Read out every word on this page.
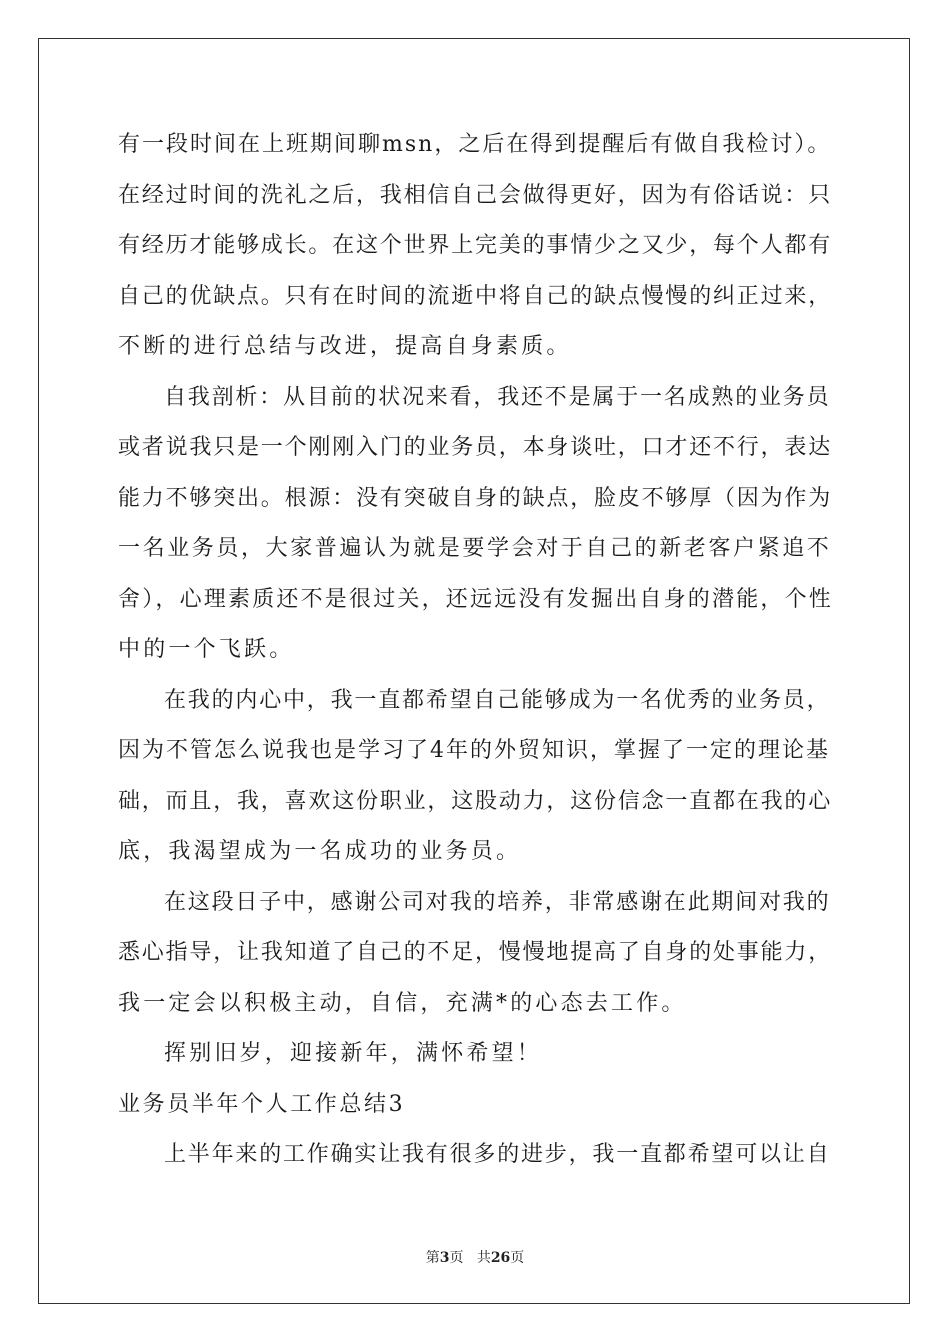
有一段时间在上班期间聊msn，之后在得到提醒后有做自我检讨）。
在经过时间的洗礼之后，我相信自己会做得更好，因为有俗话说：只
有经历才能够成长。在这个世界上完美的事情少之又少，每个人都有
自己的优缺点。只有在时间的流逝中将自己的缺点慢慢的纠正过来，
不断的进行总结与改进，提高自身素质。
自我剖析：从目前的状况来看，我还不是属于一名成熟的业务员
或者说我只是一个刚刚入门的业务员，本身谈吐，口才还不行，表达
能力不够突出。根源：没有突破自身的缺点，脸皮不够厚（因为作为
一名业务员，大家普遍认为就是要学会对于自己的新老客户紧追不
舍），心理素质还不是很过关，还远远没有发掘出自身的潜能，个性
中的一个飞跃。
在我的内心中，我一直都希望自己能够成为一名优秀的业务员，
因为不管怎么说我也是学习了4年的外贸知识，掌握了一定的理论基
础，而且，我，喜欢这份职业，这股动力，这份信念一直都在我的心
底，我渴望成为一名成功的业务员。
在这段日子中，感谢公司对我的培养，非常感谢在此期间对我的
悉心指导，让我知道了自己的不足，慢慢地提高了自身的处事能力，
我一定会以积极主动，自信，充满*的心态去工作。
挥别旧岁，迎接新年，满怀希望！
业务员半年个人工作总结3
上半年来的工作确实让我有很多的进步，我一直都希望可以让自
第3页 共26页
